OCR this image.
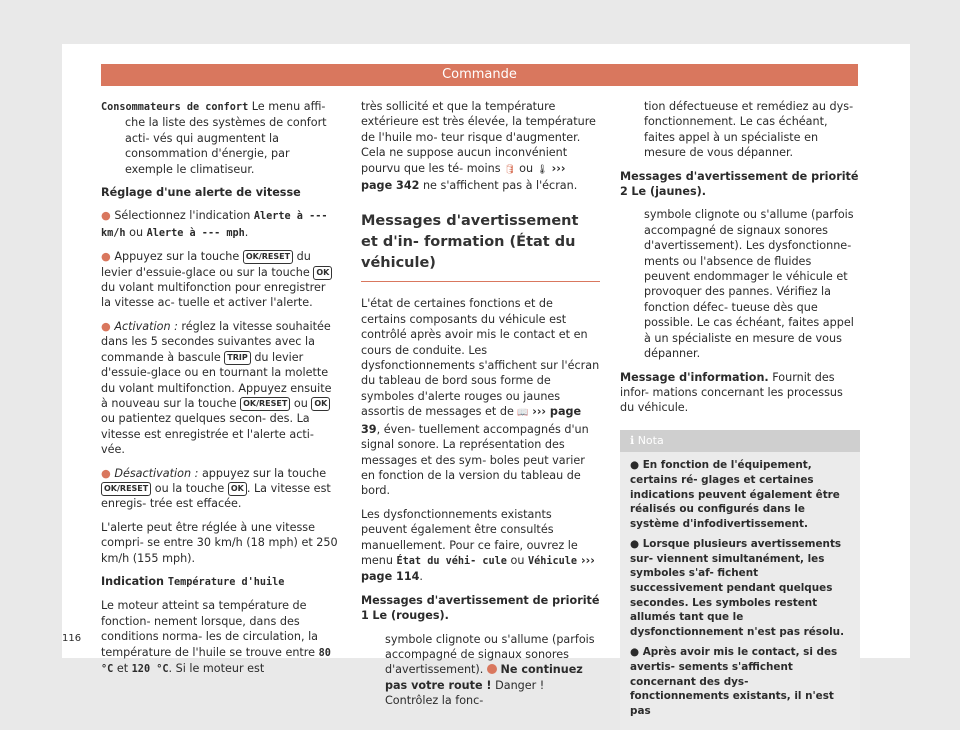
Commande

Consommateurs de confort Le menu affi- che la liste des systèmes de confort acti- vés qui augmentent la consommation d'énergie, par exemple le climatiseur.

Réglage d'une alerte de vitesse

● Sélectionnez l'indication Alerte à --- km/h ou Alerte à --- mph.

● Appuyez sur la touche OK/RESET du levier d'essuie-glace ou sur la touche OK du volant multifonction pour enregistrer la vitesse ac- tuelle et activer l'alerte.

● Activation : réglez la vitesse souhaitée dans les 5 secondes suivantes avec la commande à bascule TRIP du levier d'essuie-glace ou en tournant la molette du volant multifonction. Appuyez ensuite à nouveau sur la touche OK/RESET ou OK ou patientez quelques secon- des. La vitesse est enregistrée et l'alerte acti- vée.

● Désactivation : appuyez sur la touche OK/RESET ou la touche OK . La vitesse est enregis- trée est effacée.

L'alerte peut être réglée à une vitesse compri- se entre 30 km/h (18 mph) et 250 km/h (155 mph).

Indication Température d'huile

Le moteur atteint sa température de fonction- nement lorsque, dans des conditions norma- les de circulation, la température de l'huile se trouve entre 80 °C et 120 °C. Si le moteur est

très sollicité et que la température extérieure est très élevée, la température de l'huile mo- teur risque d'augmenter. Cela ne suppose aucun inconvénient pourvu que les té- moins 🛢 ou 🌡 ››› page 342 ne s'affichent pas à l'écran.

Messages d'avertissement et d'in- formation (État du véhicule)

L'état de certaines fonctions et de certains composants du véhicule est contrôlé après avoir mis le contact et en cours de conduite. Les dysfonctionnements s'affichent sur l'écran du tableau de bord sous forme de symboles d'alerte rouges ou jaunes assortis de messages et de 📖 ››› page 39, éven- tuellement accompagnés d'un signal sonore. La représentation des messages et des sym- boles peut varier en fonction de la version du tableau de bord.

Les dysfonctionnements existants peuvent également être consultés manuellement. Pour ce faire, ouvrez le menu État du véhi- cule ou Véhicule ››› page 114.

Messages d'avertissement de priorité 1 Le (rouges).

symbole clignote ou s'allume (parfois accompagné de signaux sonores d'avertissement). Ne continuez pas votre route ! Danger ! Contrôlez la fonc-

tion défectueuse et remédiez au dys- fonctionnement. Le cas échéant, faites appel à un spécialiste en mesure de vous dépanner.

Messages d'avertissement de priorité 2 Le (jaunes).

symbole clignote ou s'allume (parfois accompagné de signaux sonores d'avertissement). Les dysfonctionne- ments ou l'absence de fluides peuvent endommager le véhicule et provoquer des pannes. Vérifiez la fonction défec- tueuse dès que possible. Le cas échéant, faites appel à un spécialiste en mesure de vous dépanner.

Message d'information. Fournit des infor- mations concernant les processus du véhicule.

ℹ Nota
● En fonction de l'équipement, certains ré- glages et certaines indications peuvent également être réalisés ou configurés dans le système d'infodivertissement.
● Lorsque plusieurs avertissements sur- viennent simultanément, les symboles s'af- fichent successivement pendant quelques secondes. Les symboles restent allumés tant que le dysfonctionnement n'est pas résolu.
● Après avoir mis le contact, si des avertis- sements s'affichent concernant des dys- fonctionnements existants, il n'est pas
116
